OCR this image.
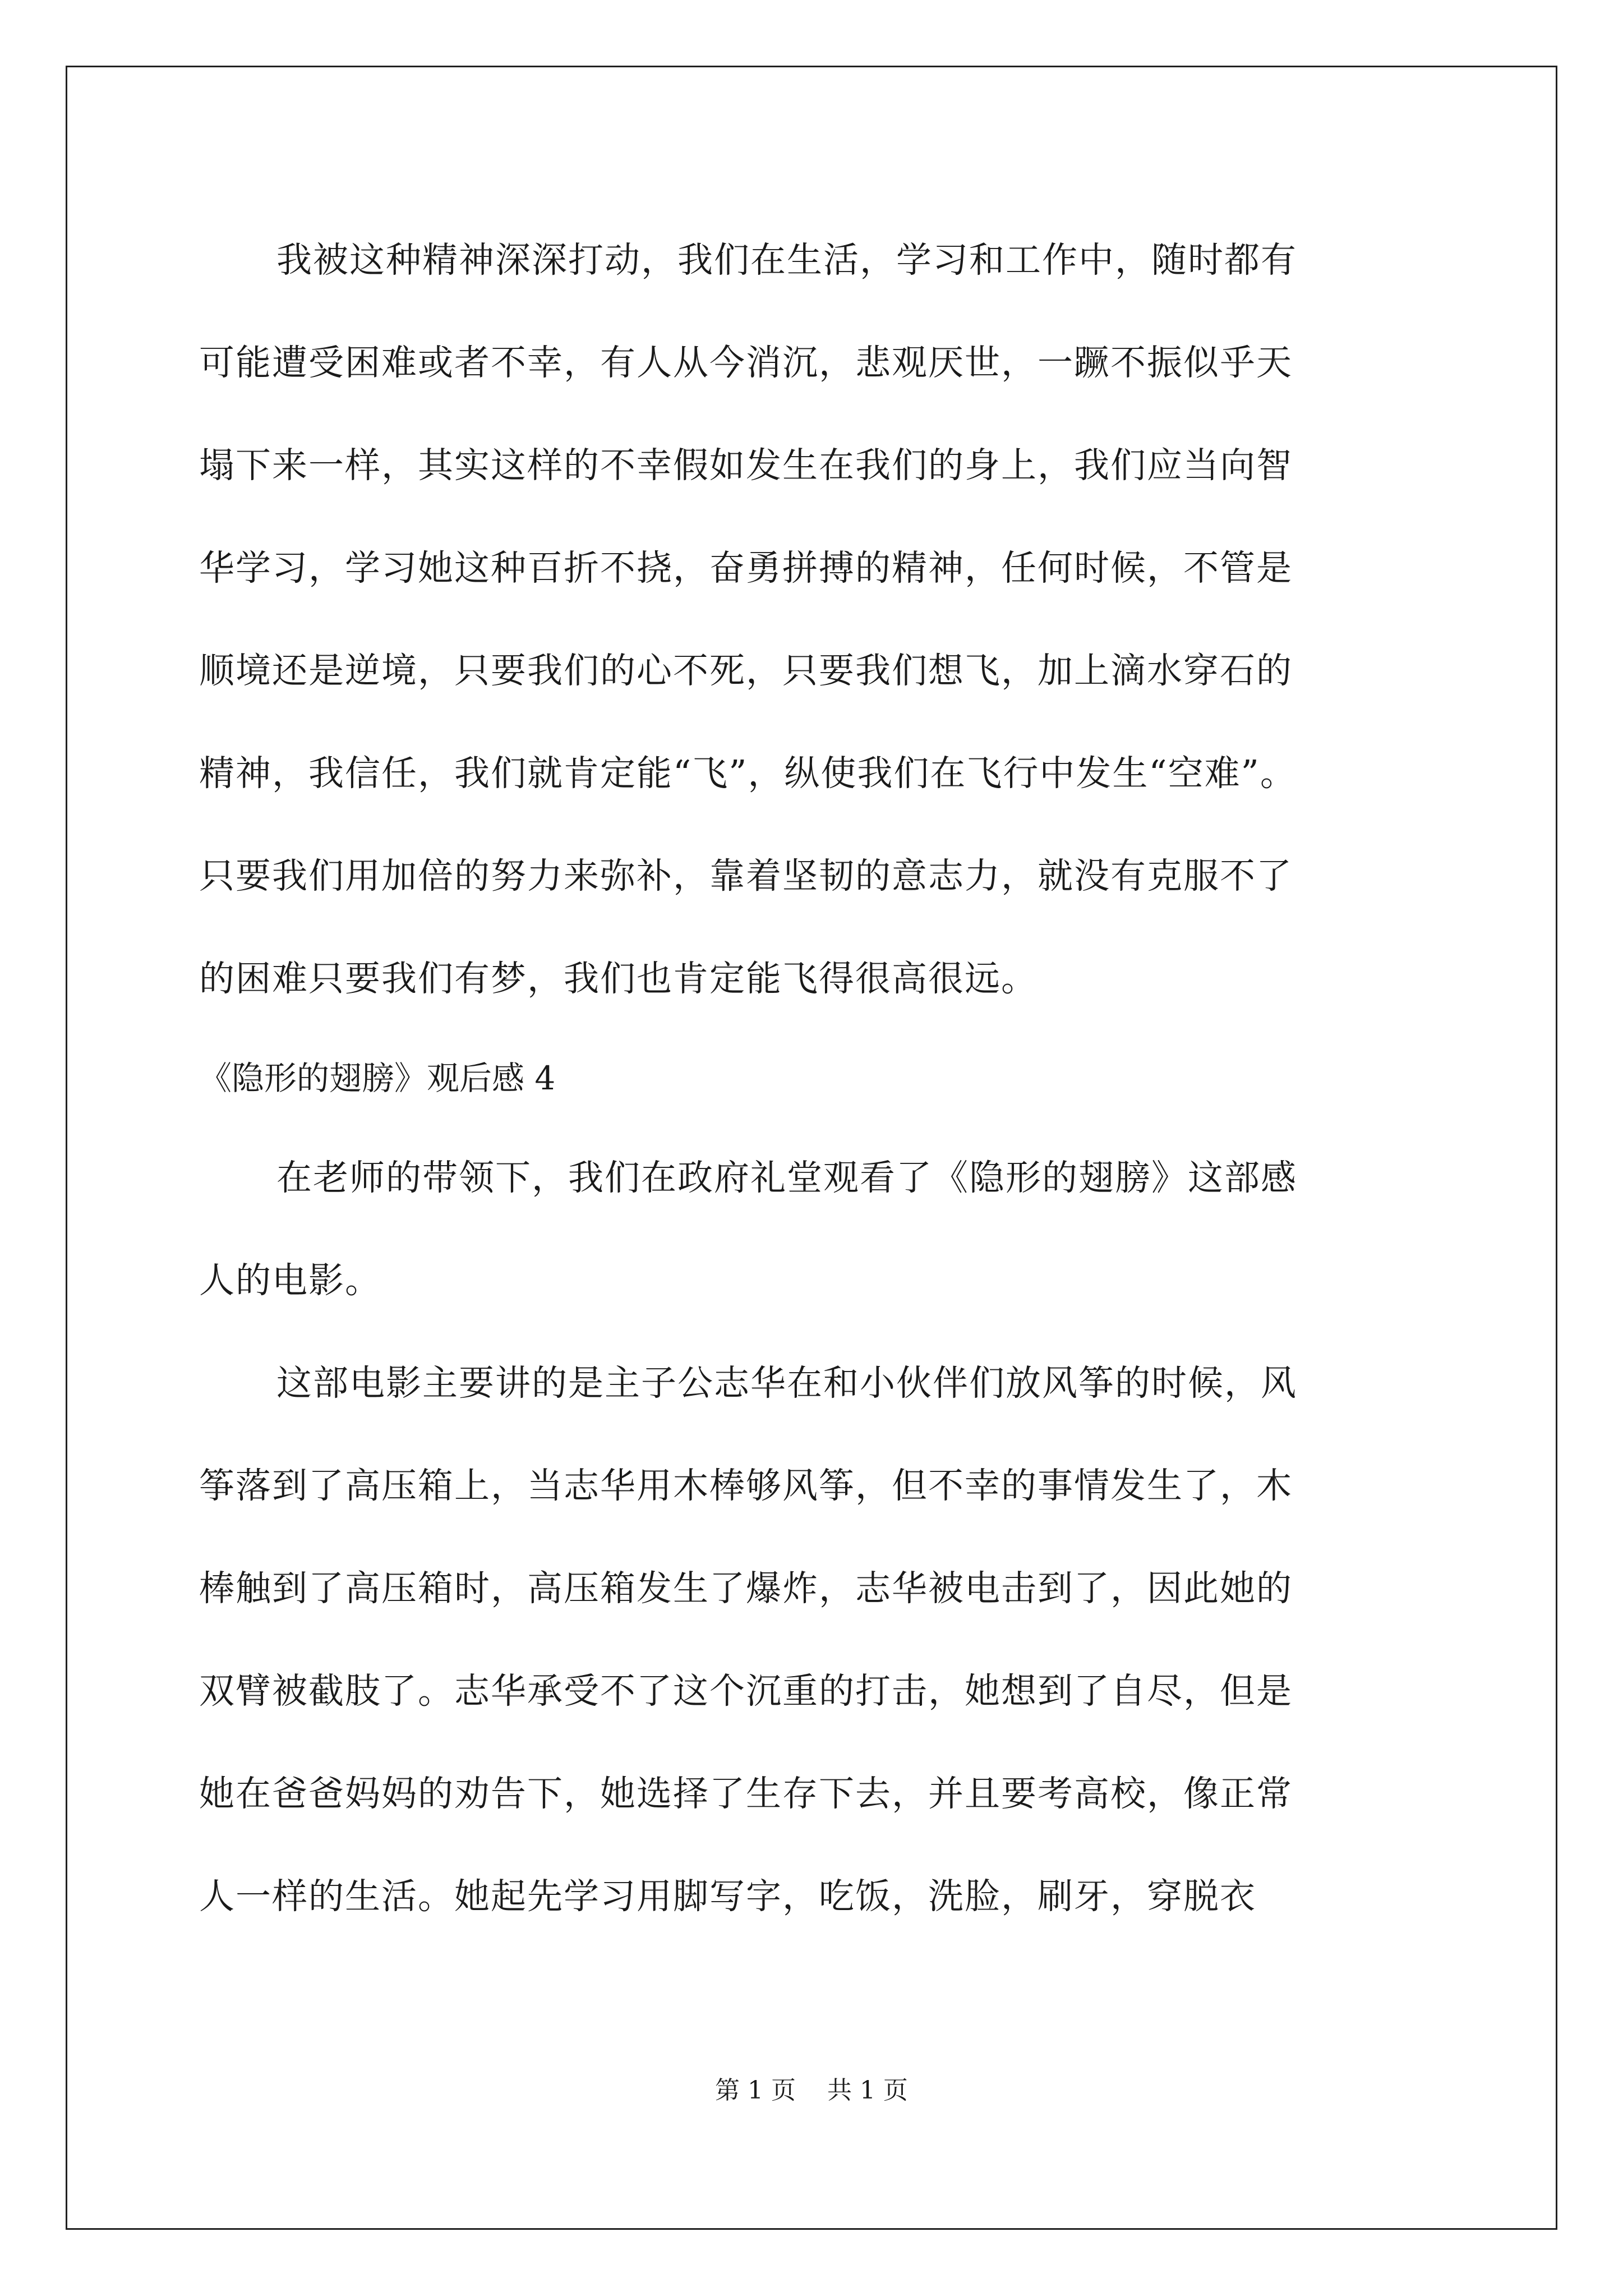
我被这种精神深深打动，我们在生活，学习和工作中，随时都有
可能遭受困难或者不幸，有人从今消沉，悲观厌世，一蹶不振似乎天
塌下来一样，其实这样的不幸假如发生在我们的身上，我们应当向智
华学习，学习她这种百折不挠，奋勇拼搏的精神，任何时候，不管是
顺境还是逆境，只要我们的心不死，只要我们想飞，加上滴水穿石的
精神，我信任，我们就肯定能“飞”，纵使我们在飞行中发生“空难”。
只要我们用加倍的努力来弥补，靠着坚韧的意志力，就没有克服不了
的困难只要我们有梦，我们也肯定能飞得很高很远。
《隐形的翅膀》观后感 4
在老师的带领下，我们在政府礼堂观看了《隐形的翅膀》这部感
人的电影。
这部电影主要讲的是主子公志华在和小伙伴们放风筝的时候，风
筝落到了高压箱上，当志华用木棒够风筝，但不幸的事情发生了，木
棒触到了高压箱时，高压箱发生了爆炸，志华被电击到了，因此她的
双臂被截肢了。志华承受不了这个沉重的打击，她想到了自尽，但是
她在爸爸妈妈的劝告下，她选择了生存下去，并且要考高校，像正常
人一样的生活。她起先学习用脚写字，吃饭，洗脸，刷牙，穿脱衣
第 1 页    共 1 页
